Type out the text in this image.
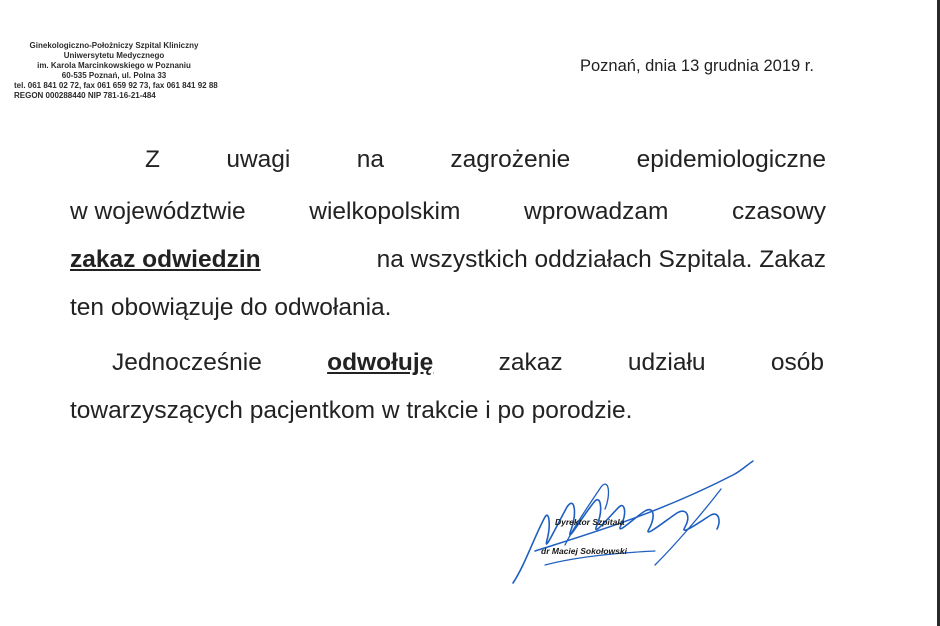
Ginekologiczno-Położniczy Szpital Kliniczny
Uniwersytetu Medycznego
im. Karola Marcinkowskiego w Poznaniu
60-535 Poznań, ul. Polna 33
tel. 061 841 02 72, fax 061 659 92 73, fax 061 841 92 88
REGON 000288440 NIP 781-16-21-484
Poznań, dnia 13 grudnia 2019 r.
Z	uwagi	na	zagrożenie	epidemiologiczne
w województwie	wielkopolskim	wprowadzam	czasowy
zakaz odwiedzin	na wszystkich oddziałach Szpitala. Zakaz
ten obowiązuje do odwołania.
Jednocześnie	odwołuję	zakaz	udziału	osób
towarzyszących pacjentkom w trakcie i po porodzie.
Dyrektor Szpitala
dr Maciej Sokołowski
